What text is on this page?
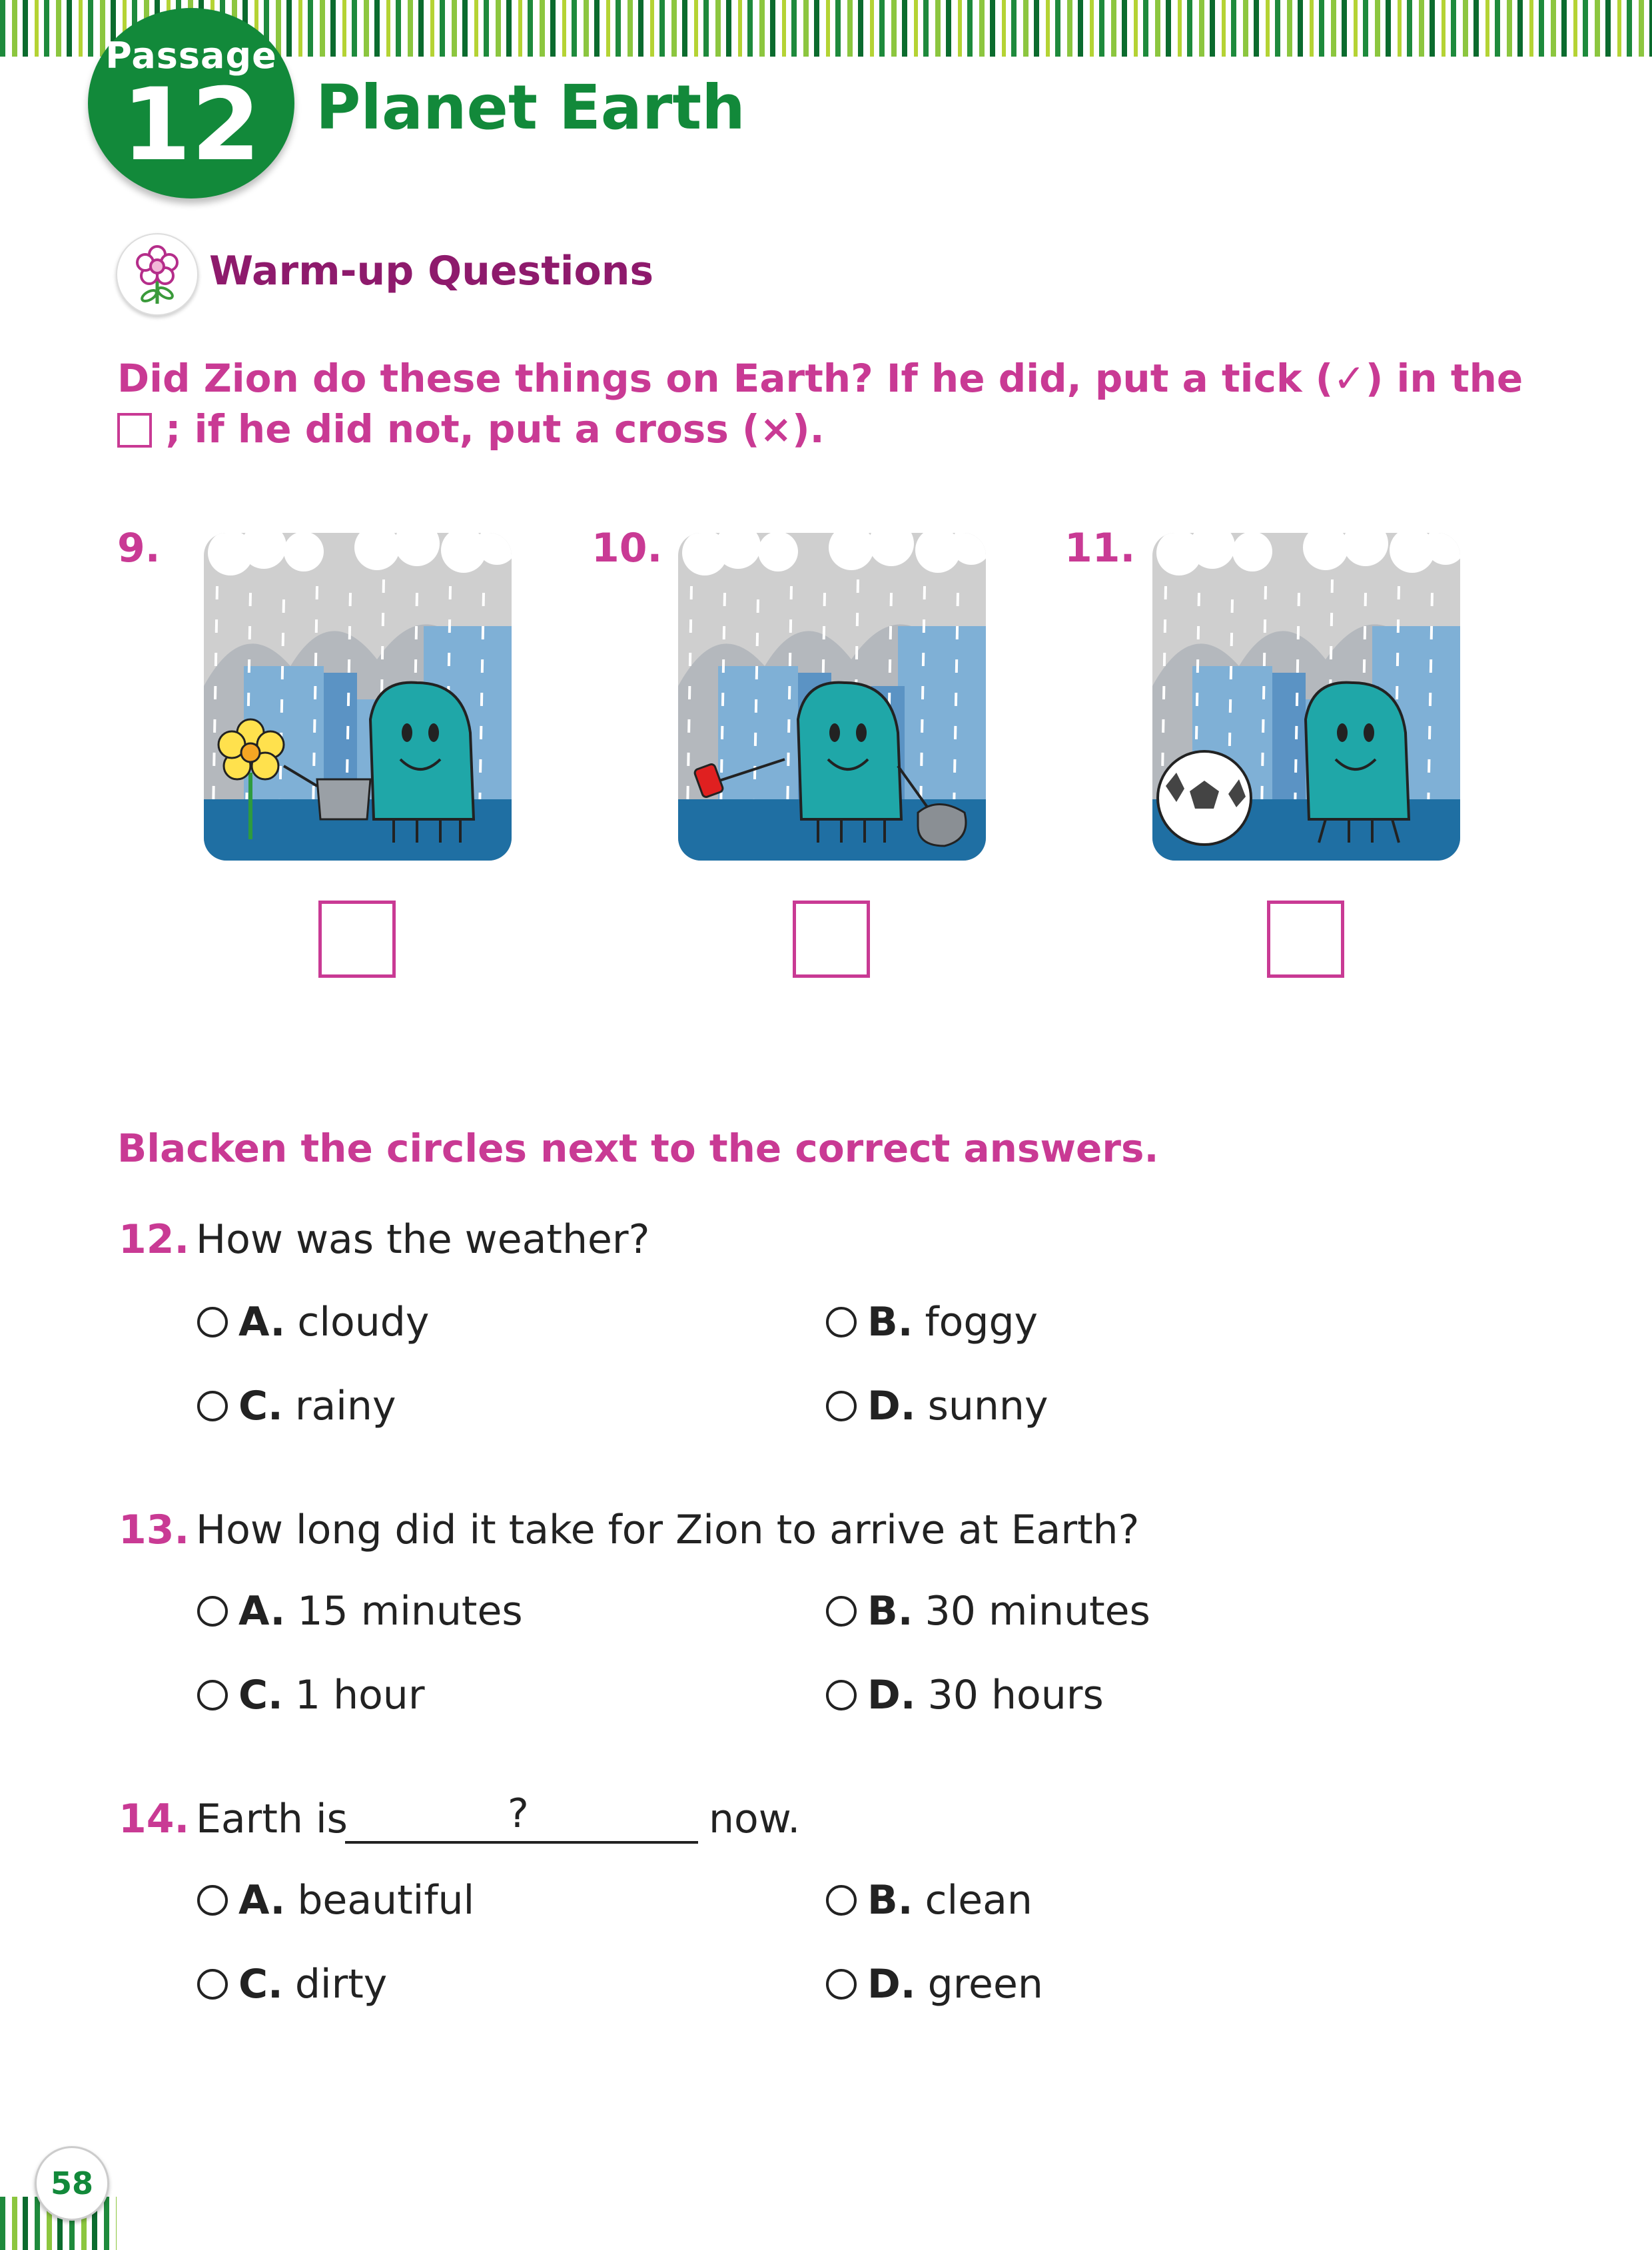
Passage
12 Planet Earth
Warm-up Questions
Did Zion do these things on Earth? If he did, put a tick (✓) in the
; if he did not, put a cross (×).
9.	10.	11.
Blacken the circles next to the correct answers.
12. How was the weather?
A. cloudy	B. foggy
C. rainy	D. sunny
13. How long did it take for Zion to arrive at Earth?
A. 15 minutes	B. 30 minutes
C. 1 hour	D. 30 hours
14. Earth is	?	now.
A. beautiful	B. clean
C. dirty	D. green
58
